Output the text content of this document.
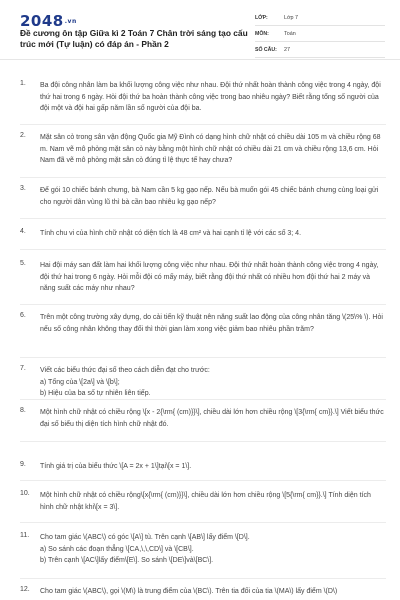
$2048^{.vn}$
Đề cương ôn tập Giữa kì 2 Toán 7 Chân trời sáng tạo cấu trúc mới (Tự luận) có đáp án - Phần 2
LỚP:	Lớp 7
MÔN:	Toán
SỐ CÂU:	27
1. Ba đội công nhân làm ba khối lượng công việc như nhau. Đội thứ nhất hoàn thành công việc trong 4 ngày, đội thứ hai trong 6 ngày. Hỏi đội thứ ba hoàn thành công việc trong bao nhiêu ngày? Biết rằng tổng số người của đội một và đội hai gấp năm lần số người của đội ba.
2. Mặt sân cỏ trong sân vận động Quốc gia Mỹ Đình có dạng hình chữ nhật có chiều dài 105 m và chiều rộng 68 m. Nam vẽ mô phỏng mặt sân cỏ này bằng một hình chữ nhật có chiều dài 21 cm và chiều rộng 13,6 cm. Hỏi Nam đã vẽ mô phỏng mặt sân cỏ đúng tỉ lệ thực tế hay chưa?
3. Để gói 10 chiếc bánh chưng, bà Nam cần 5 kg gạo nếp. Nếu bà muốn gói 45 chiếc bánh chưng cùng loại gửi cho người dân vùng lũ thì bà cần bao nhiêu kg gạo nếp?
4. Tính chu vi của hình chữ nhật có diện tích là 48 cm² và hai cạnh tỉ lệ với các số 3; 4.
5. Hai đội máy san đất làm hai khối lượng công việc như nhau. Đội thứ nhất hoàn thành công việc trong 4 ngày, đội thứ hai trong 6 ngày. Hỏi mỗi đội có mấy máy, biết rằng đội thứ nhất có nhiều hơn đội thứ hai 2 máy và năng suất các máy như nhau?
6. Trên một công trường xây dựng, do cải tiến kỹ thuật nên năng suất lao động của công nhân tăng \(25\% \). Hỏi nếu số công nhân không thay đổi thì thời gian làm xong việc giảm bao nhiêu phần trăm?
7. Viết các biểu thức đại số theo cách diễn đạt cho trước:
a) Tổng của \[2a\] và \[b\];
b) Hiệu của ba số tự nhiên liên tiếp.
8. Một hình chữ nhật có chiều rộng \[x - 2{\rm{ (cm)}}\], chiều dài lớn hơn chiều rộng \[3{\rm{ cm}}.\] Viết biểu thức đại số biểu thị diện tích hình chữ nhật đó.
9. Tính giá trị của biểu thức \[A = 2x + 1\]tại\[x = 1\].
10. Một hình chữ nhật có chiều rộng\[x{\rm{ (cm)}}\], chiều dài lớn hơn chiều rộng \[5{\rm{ cm}}.\] Tính diện tích hình chữ nhật khi\[x = 3\].
11. Cho tam giác \(ABC\) có góc \[A\] tù. Trên cạnh \[AB\] lấy điểm \[D\].
a) So sánh các đoạn thẳng \[CA,\,\,CD\] và \[CB\].
b) Trên cạnh \[AC\]lấy điểm\[E\]. So sánh \[DE\]và\[BC\].
12. Cho tam giác \(ABC\), gọi \(M\) là trung điểm của \(BC\). Trên tia đối của tia \(MA\) lấy điểm \(D\)
